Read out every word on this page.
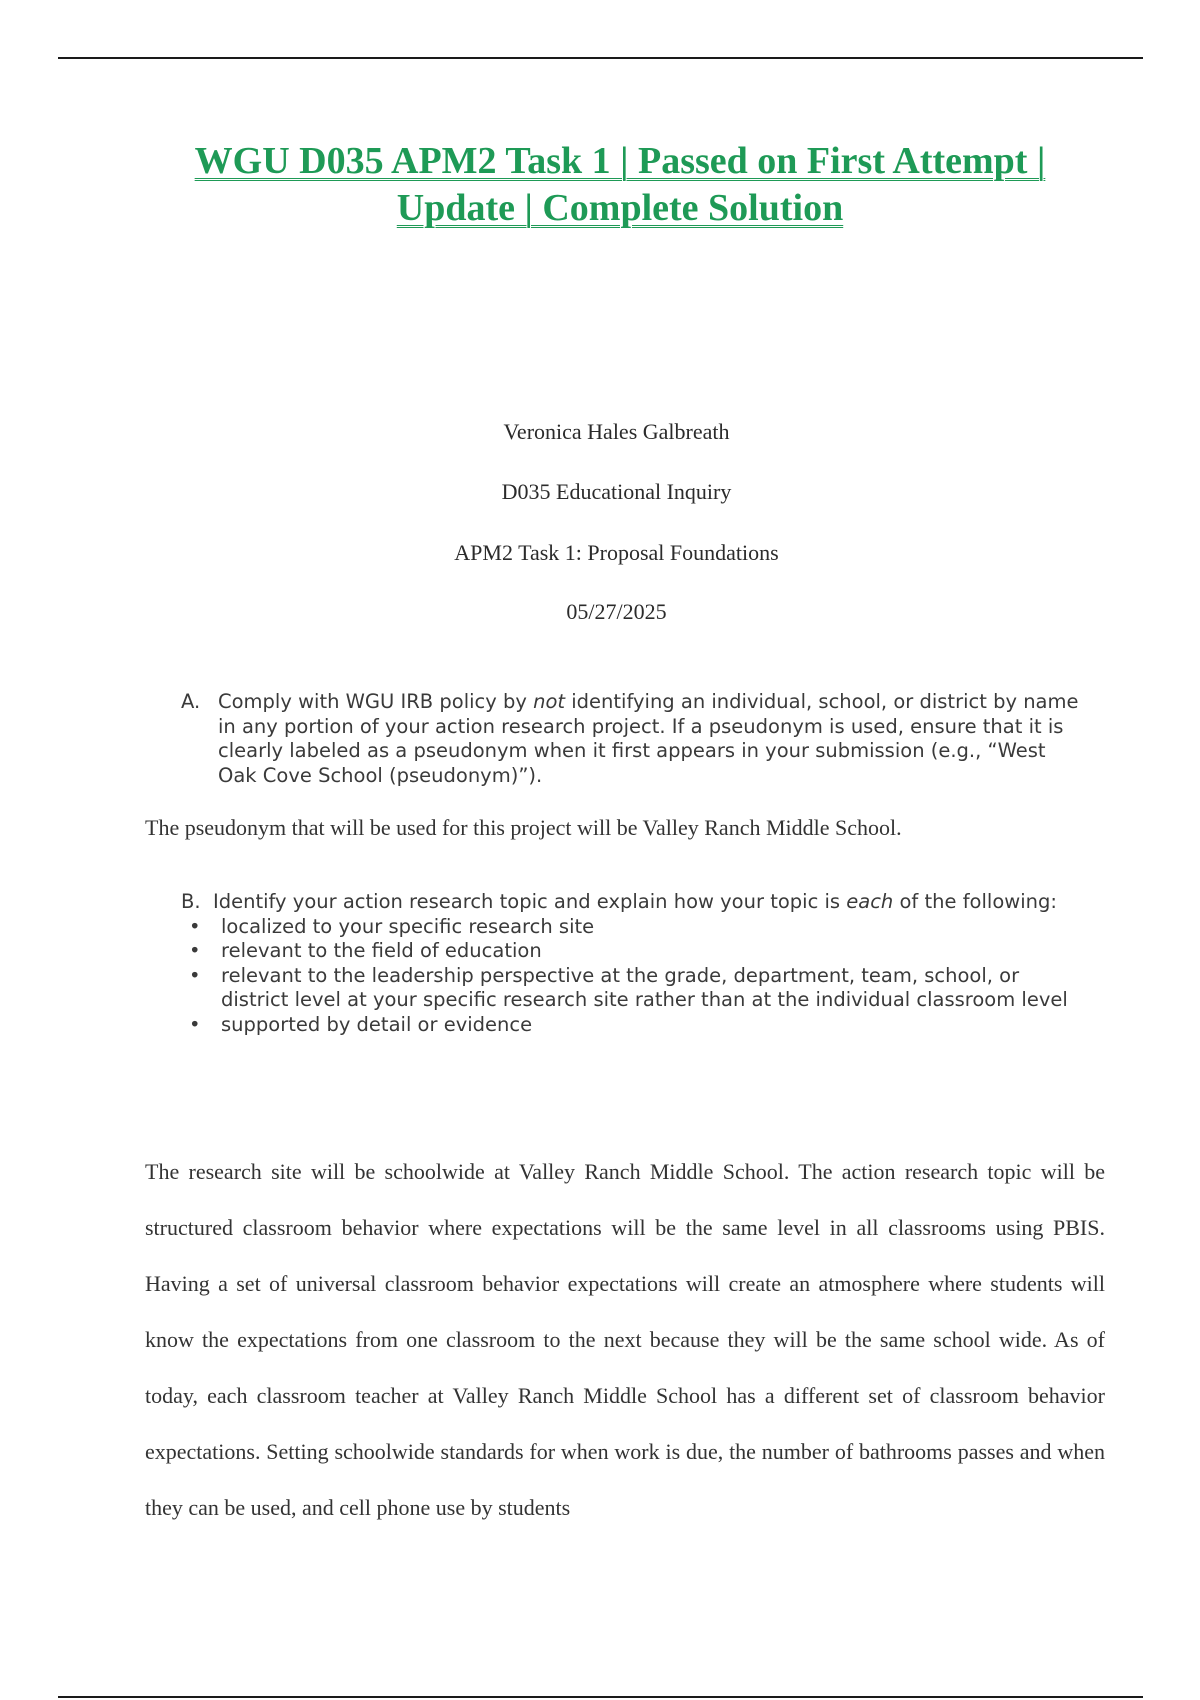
WGU D035 APM2 Task 1 | Passed on First Attempt |
Update | Complete Solution
Veronica Hales Galbreath
D035 Educational Inquiry
APM2 Task 1: Proposal Foundations
05/27/2025
A. Comply with WGU IRB policy by not identifying an individual, school, or district by name in any portion of your action research project. If a pseudonym is used, ensure that it is clearly labeled as a pseudonym when it first appears in your submission (e.g., “West Oak Cove School (pseudonym)”).

The pseudonym that will be used for this project will be Valley Ranch Middle School.

B. Identify your action research topic and explain how your topic is each of the following:
• localized to your specific research site
• relevant to the field of education
• relevant to the leadership perspective at the grade, department, team, school, or district level at your specific research site rather than at the individual classroom level
• supported by detail or evidence

The research site will be schoolwide at Valley Ranch Middle School. The action research topic will be structured classroom behavior where expectations will be the same level in all classrooms using PBIS. Having a set of universal classroom behavior expectations will create an atmosphere where students will know the expectations from one classroom to the next because they will be the same school wide. As of today, each classroom teacher at Valley Ranch Middle School has a different set of classroom behavior expectations. Setting schoolwide standards for when work is due, the number of bathrooms passes and when they can be used, and cell phone use by students
